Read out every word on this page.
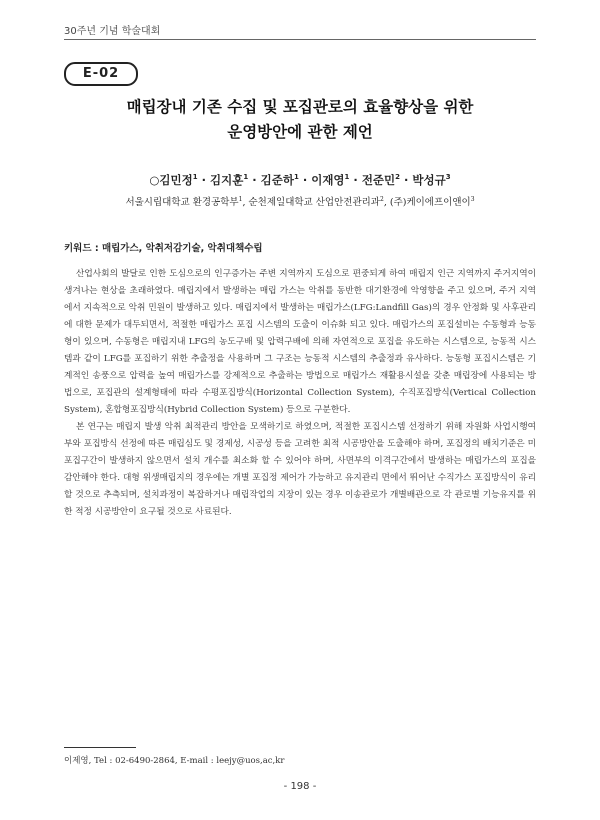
30주년 기념 학술대회
E-02
매립장내 기존 수집 및 포집관로의 효율향상을 위한
운영방안에 관한 제언
○김민정$^1$ · 김지훈$^1$ · 김준하$^1$ · 이재영$^1$ · 전준민$^2$ · 박성규$^3$
서울시립대학교 환경공학부$^1$, 순천제일대학교 산업안전관리과$^2$, (주)케이에프이앤이$^3$
키워드 : 매립가스, 악취저감기술, 악취대책수립

산업사회의 발달로 인한 도심으로의 인구증가는 주변 지역까지 도심으로 편중되게 하여 매립지 인근 지역까지 주거지역이 생겨나는 현상을 초래하였다. 매립지에서 발생하는 매립 가스는 악취를 동반한 대기환경에 악영향을 주고 있으며, 주거 지역에서 지속적으로 악취 민원이 발생하고 있다. 매립지에서 발생하는 매립가스(LFG:Landfill Gas)의 경우 안정화 및 사후관리에 대한 문제가 대두되면서, 적절한 매립가스 포집 시스템의 도출이 이슈화 되고 있다. 매립가스의 포집설비는 수동형과 능동형이 있으며, 수동형은 매립지내 LFG의 농도구배 및 압력구배에 의해 자연적으로 포집을 유도하는 시스템으로, 능동적 시스템과 같이 LFG를 포집하기 위한 추출정을 사용하며 그 구조는 능동적 시스템의 추출정과 유사하다. 능동형 포집시스템은 기계적인 송풍으로 압력을 높여 매립가스를 강제적으로 추출하는 방법으로 매립가스 재활용시설을 갖춘 매립장에 사용되는 방법으로, 포집관의 설계형태에 따라 수평포집방식(Horizontal Collection System), 수직포집방식(Vertical Collection System), 혼합형포집방식(Hybrid Collection System) 등으로 구분한다.

본 연구는 매립지 발생 악취 최적관리 방안을 모색하기로 하였으며, 적절한 포집시스템 선정하기 위해 자원화 사업시행여부와 포집방식 선정에 따른 매립심도 및 경제성, 시공성 등을 고려한 최적 시공방안을 도출해야 하며, 포집정의 배치기준은 미포집구간이 발생하지 않으면서 설치 개수를 최소화 할 수 있어야 하며, 사면부의 이격구간에서 발생하는 매립가스의 포집을 감안해야 한다. 대형 위생매립지의 경우에는 개별 포집정 제어가 가능하고 유지관리 면에서 뛰어난 수직가스 포집방식이 유리할 것으로 추측되며, 설치과정이 복잡하거나 매립작업의 지장이 있는 경우 이송관로가 개별배관으로 각 관로별 기능유지를 위한 적정 시공방안이 요구될 것으로 사료된다.

이제영, Tel : 02-6490-2864, E-mail : leejy@uos,ac,kr
- 198 -
